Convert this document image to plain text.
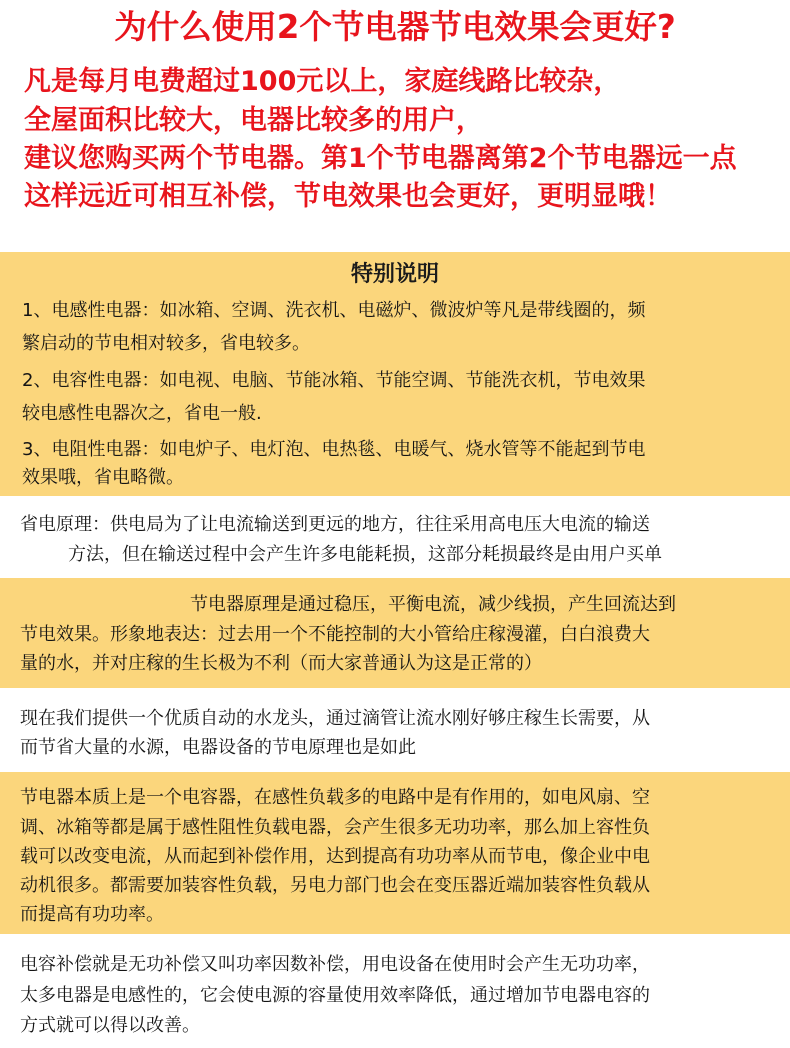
为什么使用2个节电器节电效果会更好?
凡是每月电费超过100元以上，家庭线路比较杂，
全屋面积比较大，电器比较多的用户，
建议您购买两个节电器。第1个节电器离第2个节电器远一点
这样远近可相互补偿，节电效果也会更好，更明显哦！
特别说明
1、电感性电器：如冰箱、空调、洗衣机、电磁炉、微波炉等凡是带线圈的，频
繁启动的节电相对较多，省电较多。
2、电容性电器：如电视、电脑、节能冰箱、节能空调、节能洗衣机，节电效果
较电感性电器次之，省电一般.
3、电阻性电器：如电炉子、电灯泡、电热毯、电暖气、烧水管等不能起到节电
效果哦，省电略微。
省电原理：供电局为了让电流输送到更远的地方，往往采用高电压大电流的输送
方法，但在输送过程中会产生许多电能耗损，这部分耗损最终是由用户买单
节电器原理是通过稳压，平衡电流，减少线损，产生回流达到
节电效果。形象地表达：过去用一个不能控制的大小管给庄稼漫灌，白白浪费大
量的水，并对庄稼的生长极为不利（而大家普通认为这是正常的）
现在我们提供一个优质自动的水龙头，通过滴管让流水刚好够庄稼生长需要，从
而节省大量的水源，电器设备的节电原理也是如此
节电器本质上是一个电容器，在感性负载多的电路中是有作用的，如电风扇、空
调、冰箱等都是属于感性阻性负载电器，会产生很多无功功率，那么加上容性负
载可以改变电流，从而起到补偿作用，达到提高有功功率从而节电，像企业中电
动机很多。都需要加装容性负载，另电力部门也会在变压器近端加装容性负载从
而提高有功功率。
电容补偿就是无功补偿又叫功率因数补偿，用电设备在使用时会产生无功功率，
太多电器是电感性的，它会使电源的容量使用效率降低，通过增加节电器电容的
方式就可以得以改善。
